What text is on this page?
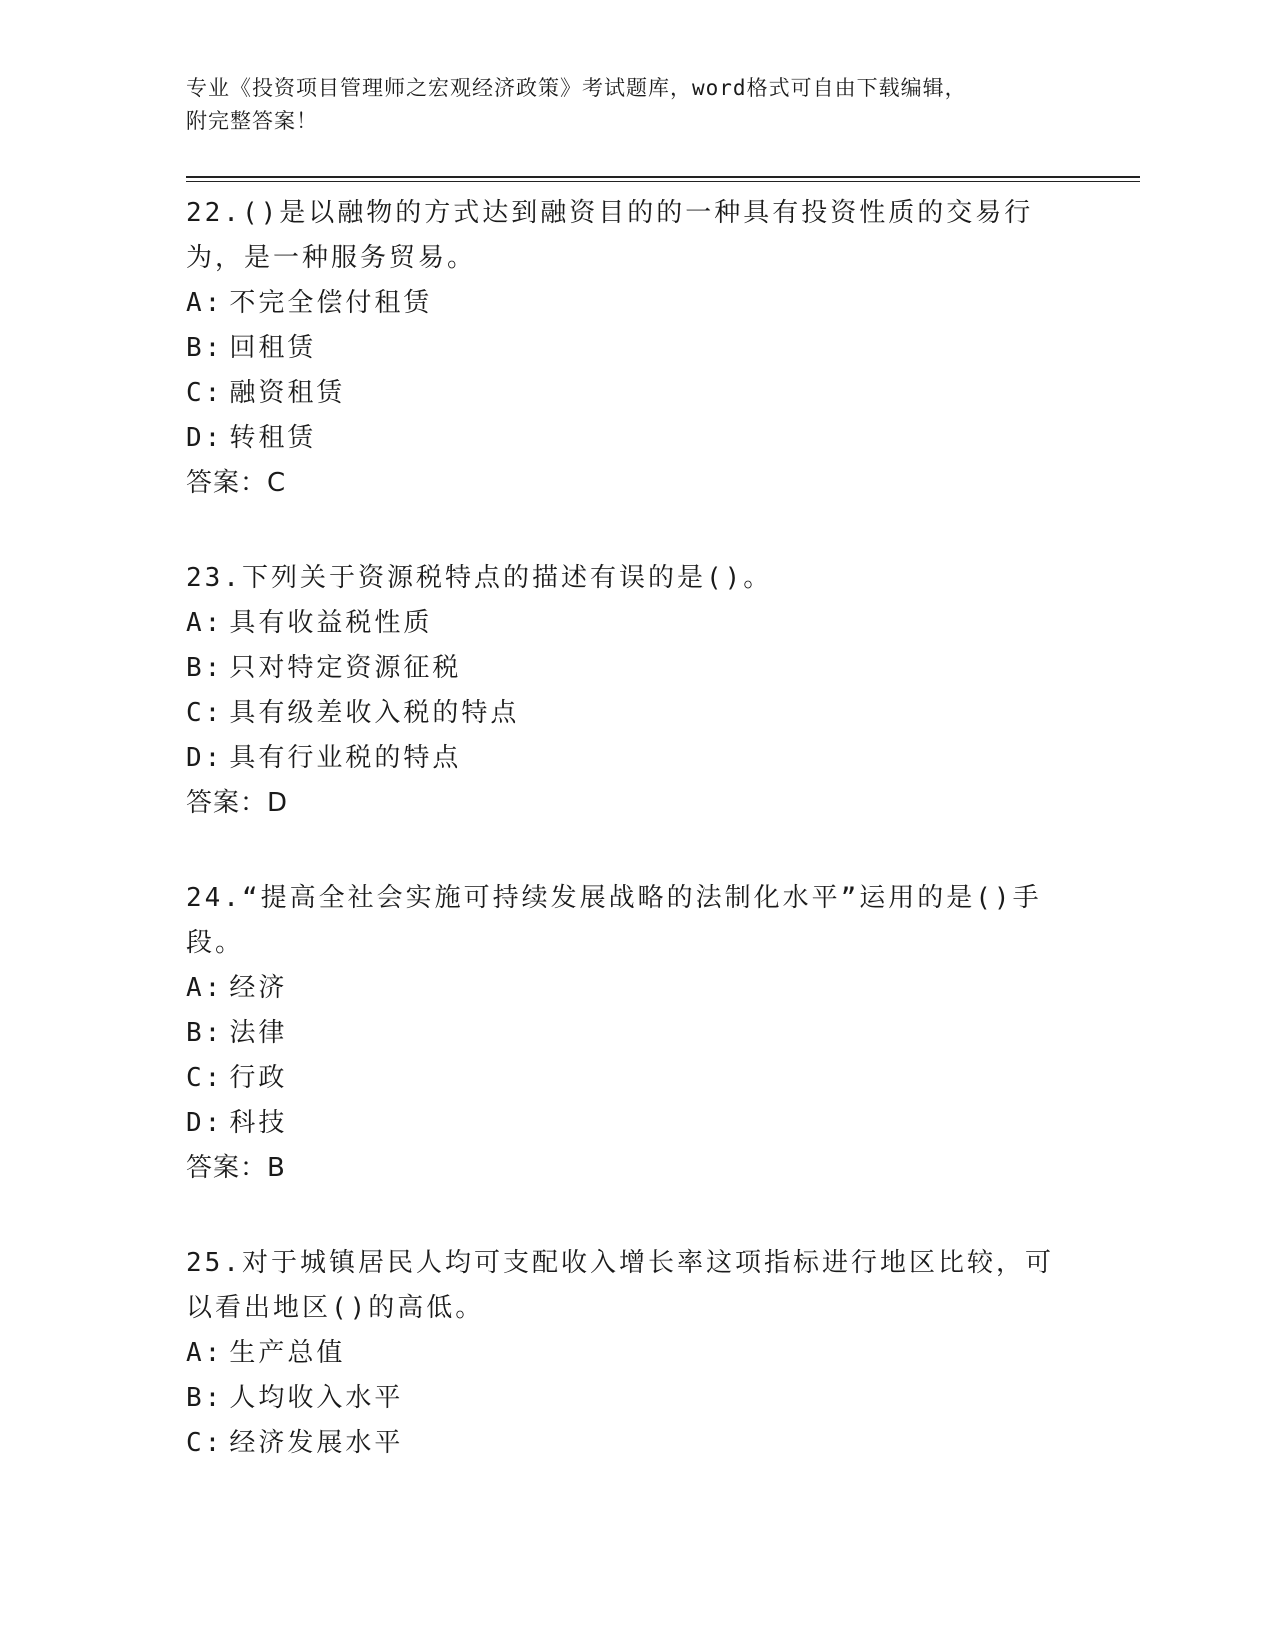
专业《投资项目管理师之宏观经济政策》考试题库，word格式可自由下载编辑，
附完整答案！
22.()是以融物的方式达到融资目的的一种具有投资性质的交易行为，是一种服务贸易。
A: 不完全偿付租赁
B: 回租赁
C: 融资租赁
D: 转租赁
答案：C
23.下列关于资源税特点的描述有误的是()。
A: 具有收益税性质
B: 只对特定资源征税
C: 具有级差收入税的特点
D: 具有行业税的特点
答案：D
24.“提高全社会实施可持续发展战略的法制化水平”运用的是()手段。
A: 经济
B: 法律
C: 行政
D: 科技
答案：B
25.对于城镇居民人均可支配收入增长率这项指标进行地区比较，可以看出地区()的高低。
A: 生产总值
B: 人均收入水平
C: 经济发展水平
